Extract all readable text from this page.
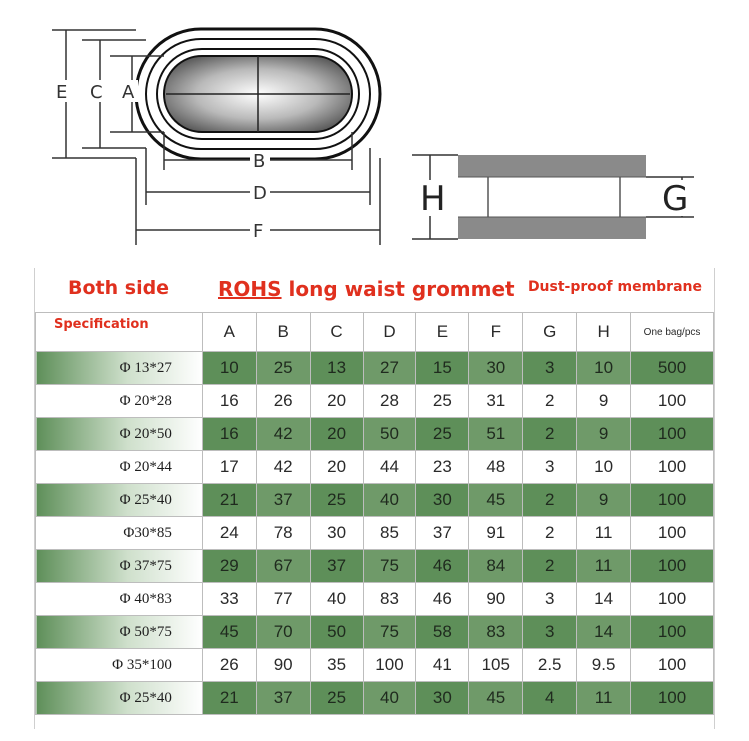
E C A
B
D
F
H	G
Both side ROHS long waist grommet Dust-proof membrane
Specification	A	B	C	D	E	F	G	H	One bag/pcs
Φ 13*27	10	25	13	27	15	30	3	10	500
Φ 20*28	16	26	20	28	25	31	2	9	100
Φ 20*50	16	42	20	50	25	51	2	9	100
Φ 20*44	17	42	20	44	23	48	3	10	100
Φ 25*40	21	37	25	40	30	45	2	9	100
Φ30*85	24	78	30	85	37	91	2	11	100
Φ 37*75	29	67	37	75	46	84	2	11	100
Φ 40*83	33	77	40	83	46	90	3	14	100
Φ 50*75	45	70	50	75	58	83	3	14	100
Φ 35*100	26	90	35	100	41	105	2.5	9.5	100
Φ 25*40	21	37	25	40	30	45	4	11	100
